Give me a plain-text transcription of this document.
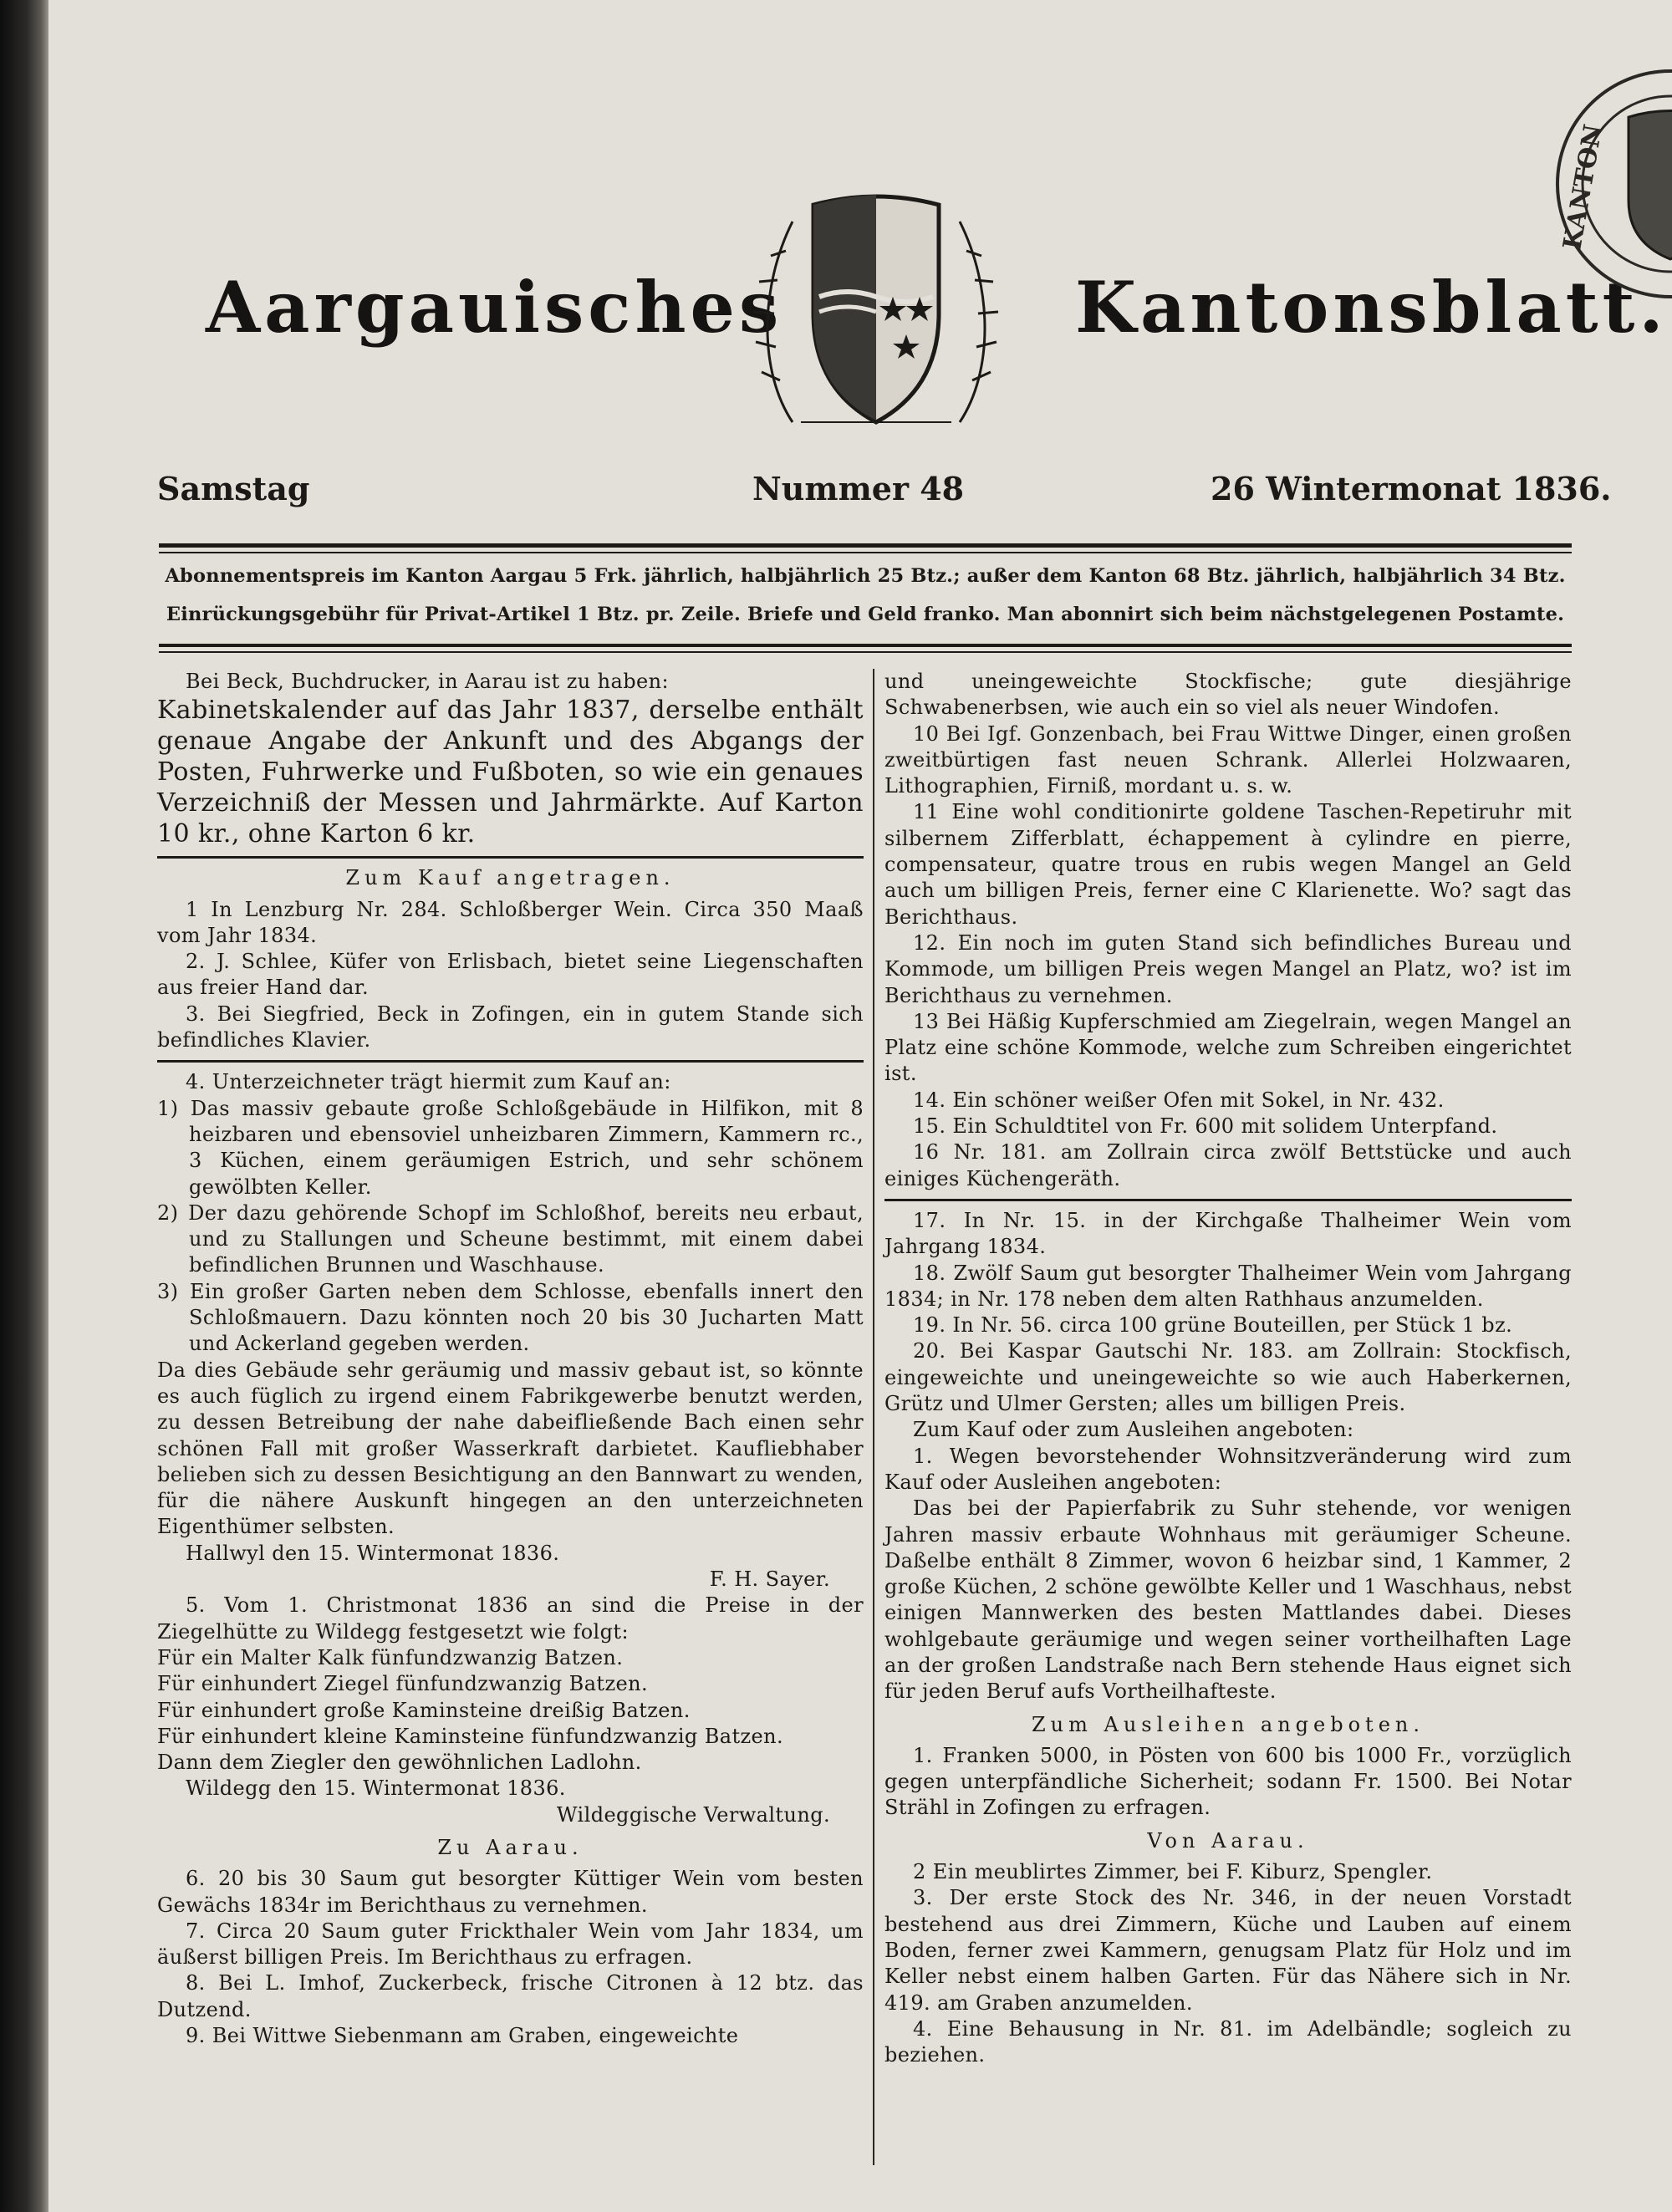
Aargauisches	Kantonsblatt.
KANTON
Samstag	Nummer 48	26 Wintermonat 1836.
Abonnementspreis im Kanton Aargau 5 Frk. jährlich, halbjährlich 25 Btz.; außer dem Kanton 68 Btz. jährlich, halbjährlich 34 Btz.
Einrückungsgebühr für Privat-Artikel 1 Btz. pr. Zeile. Briefe und Geld franko. Man abonnirt sich beim nächstgelegenen Postamte.

Bei Beck, Buchdrucker, in Aarau ist zu haben:

Kabinetskalender auf das Jahr 1837, derselbe enthält genaue Angabe der Ankunft und des Abgangs der Posten, Fuhrwerke und Fußboten, so wie ein genaues Verzeichniß der Messen und Jahrmärkte. Auf Karton 10 kr., ohne Karton 6 kr.

Zum Kauf angetragen.

1 In Lenzburg Nr. 284. Schloßberger Wein. Circa 350 Maaß vom Jahr 1834.

2. J. Schlee, Küfer von Erlisbach, bietet seine Liegenschaften aus freier Hand dar.

3. Bei Siegfried, Beck in Zofingen, ein in gutem Stande sich befindliches Klavier.

4. Unterzeichneter trägt hiermit zum Kauf an:

1) Das massiv gebaute große Schloßgebäude in Hilfikon, mit 8 heizbaren und ebensoviel unheizbaren Zimmern, Kammern rc., 3 Küchen, einem geräumigen Estrich, und sehr schönem gewölbten Keller.

2) Der dazu gehörende Schopf im Schloßhof, bereits neu erbaut, und zu Stallungen und Scheune bestimmt, mit einem dabei befindlichen Brunnen und Waschhause.

3) Ein großer Garten neben dem Schlosse, ebenfalls innert den Schloßmauern. Dazu könnten noch 20 bis 30 Jucharten Matt und Ackerland gegeben werden.

Da dies Gebäude sehr geräumig und massiv gebaut ist, so könnte es auch füglich zu irgend einem Fabrikgewerbe benutzt werden, zu dessen Betreibung der nahe dabeifließende Bach einen sehr schönen Fall mit großer Wasserkraft darbietet. Kaufliebhaber belieben sich zu dessen Besichtigung an den Bannwart zu wenden, für die nähere Auskunft hingegen an den unterzeichneten Eigenthümer selbsten.

Hallwyl den 15. Wintermonat 1836.

F. H. Sayer.

5. Vom 1. Christmonat 1836 an sind die Preise in der Ziegelhütte zu Wildegg festgesetzt wie folgt:

Für ein Malter Kalk fünfundzwanzig Batzen.

Für einhundert Ziegel fünfundzwanzig Batzen.

Für einhundert große Kaminsteine dreißig Batzen.

Für einhundert kleine Kaminsteine fünfundzwanzig Batzen.

Dann dem Ziegler den gewöhnlichen Ladlohn.

Wildegg den 15. Wintermonat 1836.

Wildeggische Verwaltung.

Zu Aarau.

6. 20 bis 30 Saum gut besorgter Küttiger Wein vom besten Gewächs 1834r im Berichthaus zu vernehmen.

7. Circa 20 Saum guter Frickthaler Wein vom Jahr 1834, um äußerst billigen Preis. Im Berichthaus zu erfragen.

8. Bei L. Imhof, Zuckerbeck, frische Citronen à 12 btz. das Dutzend.

9. Bei Wittwe Siebenmann am Graben, eingeweichte

und uneingeweichte Stockfische; gute diesjährige Schwabenerbsen, wie auch ein so viel als neuer Windofen.

10 Bei Igf. Gonzenbach, bei Frau Wittwe Dinger, einen großen zweitbürtigen fast neuen Schrank. Allerlei Holzwaaren, Lithographien, Firniß, mordant u. s. w.

11 Eine wohl conditionirte goldene Taschen-Repetiruhr mit silbernem Zifferblatt, échappement à cylindre en pierre, compensateur, quatre trous en rubis wegen Mangel an Geld auch um billigen Preis, ferner eine C Klarienette. Wo? sagt das Berichthaus.

12. Ein noch im guten Stand sich befindliches Bureau und Kommode, um billigen Preis wegen Mangel an Platz, wo? ist im Berichthaus zu vernehmen.

13 Bei Häßig Kupferschmied am Ziegelrain, wegen Mangel an Platz eine schöne Kommode, welche zum Schreiben eingerichtet ist.

14. Ein schöner weißer Ofen mit Sokel, in Nr. 432.

15. Ein Schuldtitel von Fr. 600 mit solidem Unterpfand.

16 Nr. 181. am Zollrain circa zwölf Bettstücke und auch einiges Küchengeräth.

17. In Nr. 15. in der Kirchgaße Thalheimer Wein vom Jahrgang 1834.

18. Zwölf Saum gut besorgter Thalheimer Wein vom Jahrgang 1834; in Nr. 178 neben dem alten Rathhaus anzumelden.

19. In Nr. 56. circa 100 grüne Bouteillen, per Stück 1 bz.

20. Bei Kaspar Gautschi Nr. 183. am Zollrain: Stockfisch, eingeweichte und uneingeweichte so wie auch Haberkernen, Grütz und Ulmer Gersten; alles um billigen Preis.

Zum Kauf oder zum Ausleihen angeboten:

1. Wegen bevorstehender Wohnsitzveränderung wird zum Kauf oder Ausleihen angeboten:

Das bei der Papierfabrik zu Suhr stehende, vor wenigen Jahren massiv erbaute Wohnhaus mit geräumiger Scheune. Daßelbe enthält 8 Zimmer, wovon 6 heizbar sind, 1 Kammer, 2 große Küchen, 2 schöne gewölbte Keller und 1 Waschhaus, nebst einigen Mannwerken des besten Mattlandes dabei. Dieses wohlgebaute geräumige und wegen seiner vortheilhaften Lage an der großen Landstraße nach Bern stehende Haus eignet sich für jeden Beruf aufs Vortheilhafteste.

Zum Ausleihen angeboten.

1. Franken 5000, in Pösten von 600 bis 1000 Fr., vorzüglich gegen unterpfändliche Sicherheit; sodann Fr. 1500. Bei Notar Strähl in Zofingen zu erfragen.

Von Aarau.

2 Ein meublirtes Zimmer, bei F. Kiburz, Spengler.

3. Der erste Stock des Nr. 346, in der neuen Vorstadt bestehend aus drei Zimmern, Küche und Lauben auf einem Boden, ferner zwei Kammern, genugsam Platz für Holz und im Keller nebst einem halben Garten. Für das Nähere sich in Nr. 419. am Graben anzumelden.

4. Eine Behausung in Nr. 81. im Adelbändle; sogleich zu beziehen.
